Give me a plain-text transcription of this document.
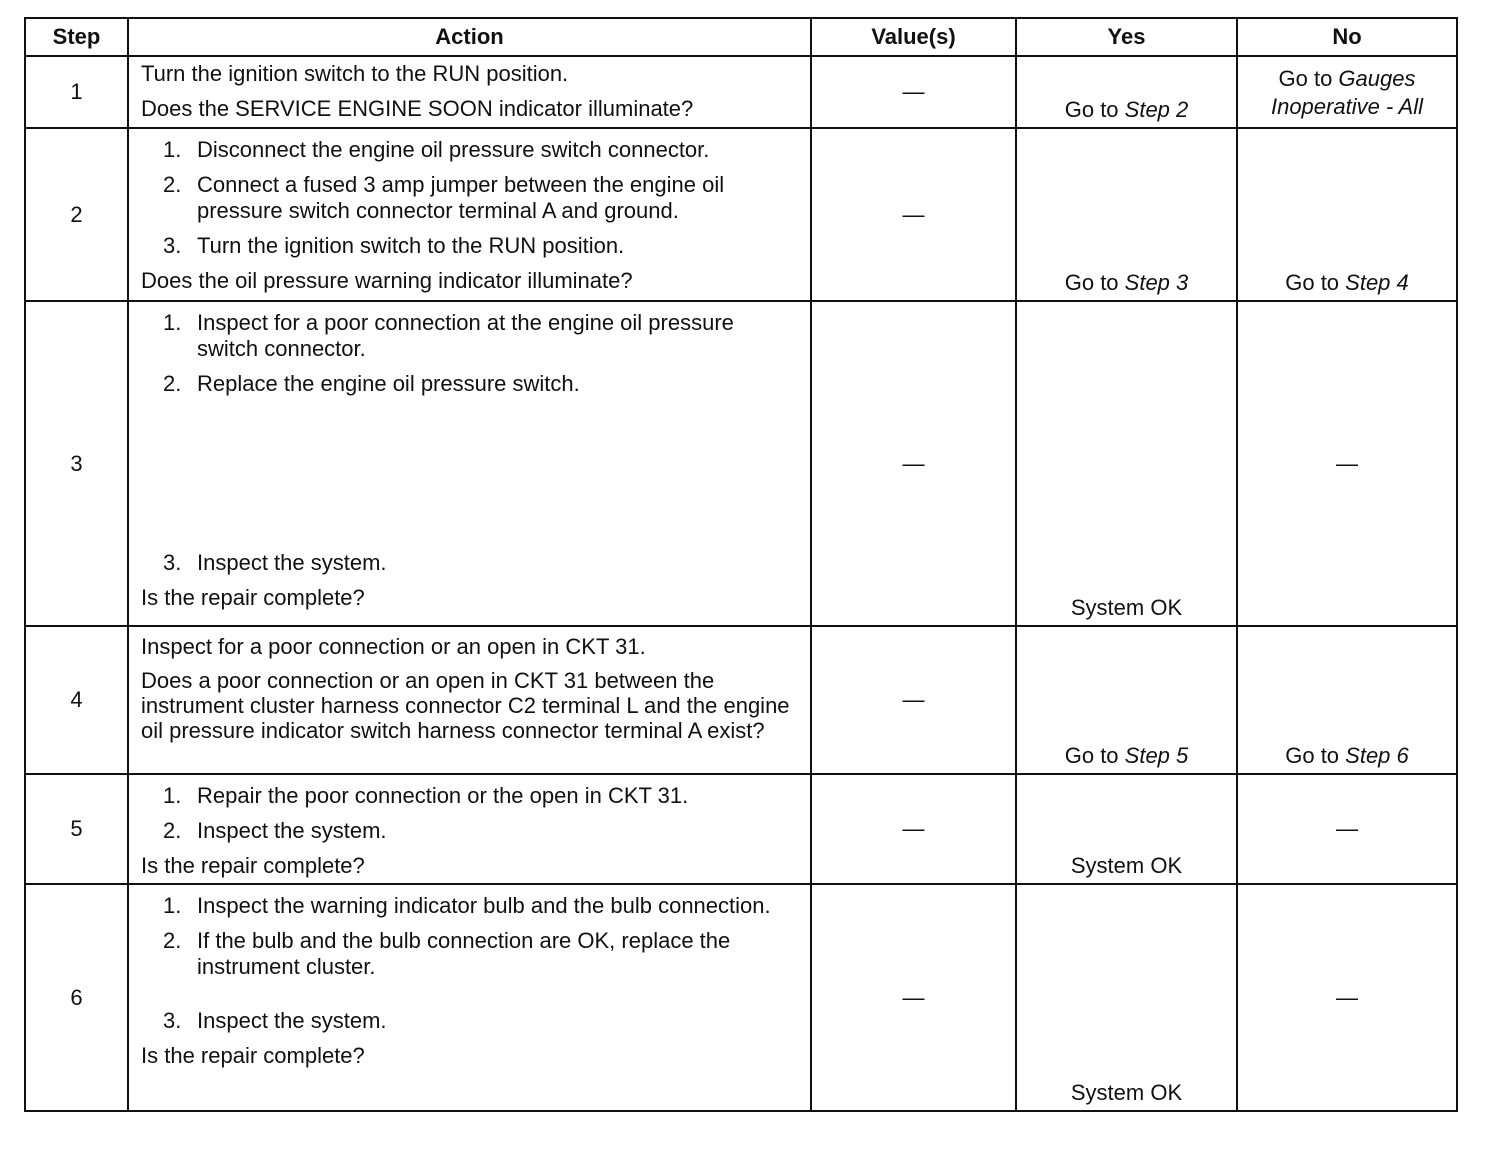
Step	Action	Value(s)	Yes	No
1	Turn the ignition switch to the RUN position.
Does the SERVICE ENGINE SOON indicator illuminate?	—	Go to Step 2	Go to Gauges
Inoperative - All

2	1. Disconnect the engine oil pressure switch connector.
2. Connect a fused 3 amp jumper between the engine oil pressure switch connector terminal A and ground.
3. Turn the ignition switch to the RUN position.
Does the oil pressure warning indicator illuminate?	—	Go to Step 3	Go to Step 4

3	1. Inspect for a poor connection at the engine oil pressure switch connector.
2. Replace the engine oil pressure switch.
3. Inspect the system.
Is the repair complete?	—	System OK	—
4	Inspect for a poor connection or an open in CKT 31.
Does a poor connection or an open in CKT 31 between the instrument cluster harness connector C2 terminal L and the engine oil pressure indicator switch harness connector terminal A exist?	—	Go to Step 5	Go to Step 6

5	1. Repair the poor connection or the open in CKT 31.
2. Inspect the system.
Is the repair complete?	—	System OK	—
6	1. Inspect the warning indicator bulb and the bulb connection.
2. If the bulb and the bulb connection are OK, replace the instrument cluster.
3. Inspect the system.
Is the repair complete?	—	System OK	—
